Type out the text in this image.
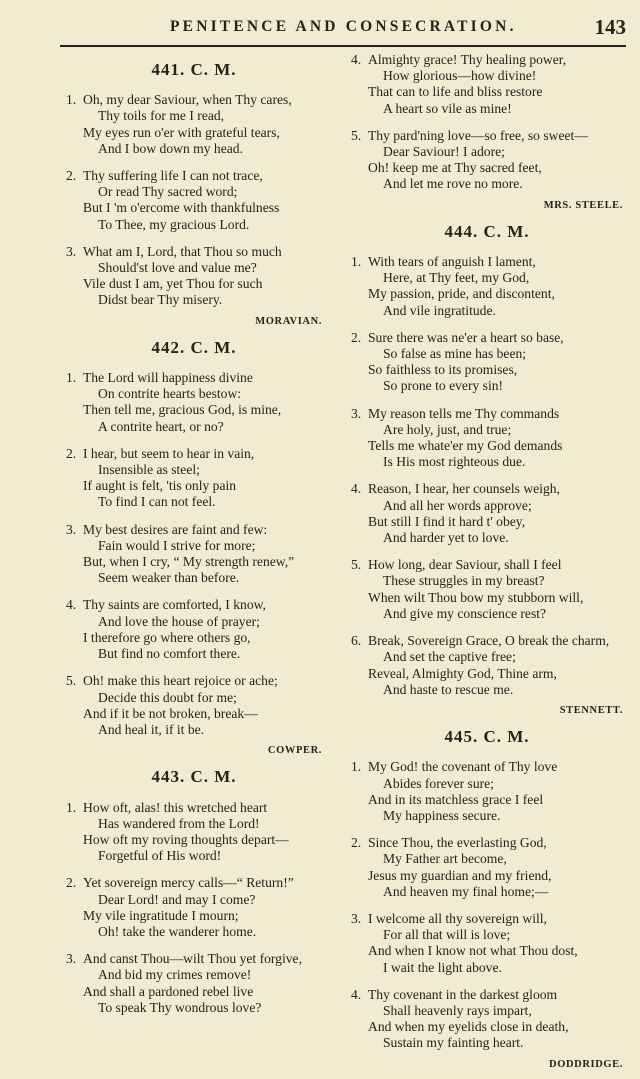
PENITENCE AND CONSECRATION.	143
441. C. M.
1. Oh, my dear Saviour, when Thy cares,
Thy toils for me I read,
My eyes run o'er with grateful tears,
And I bow down my head.
2. Thy suffering life I can not trace,
Or read Thy sacred word;
But I 'm o'ercome with thankfulness
To Thee, my gracious Lord.
3. What am I, Lord, that Thou so much
Should'st love and value me?
Vile dust I am, yet Thou for such
Didst bear Thy misery.
MORAVIAN.
442. C. M.
1. The Lord will happiness divine
On contrite hearts bestow:
Then tell me, gracious God, is mine,
A contrite heart, or no?
2. I hear, but seem to hear in vain,
Insensible as steel;
If aught is felt, 'tis only pain
To find I can not feel.
3. My best desires are faint and few:
Fain would I strive for more;
But, when I cry, “ My strength renew,”
Seem weaker than before.
4. Thy saints are comforted, I know,
And love the house of prayer;
I therefore go where others go,
But find no comfort there.
5. Oh! make this heart rejoice or ache;
Decide this doubt for me;
And if it be not broken, break—
And heal it, if it be.
COWPER.
443. C. M.
1. How oft, alas! this wretched heart
Has wandered from the Lord!
How oft my roving thoughts depart—
Forgetful of His word!
2. Yet sovereign mercy calls—“ Return!”
Dear Lord! and may I come?
My vile ingratitude I mourn;
Oh! take the wanderer home.
3. And canst Thou—wilt Thou yet forgive,
And bid my crimes remove!
And shall a pardoned rebel live
To speak Thy wondrous love?
4. Almighty grace! Thy healing power,
How glorious—how divine!
That can to life and bliss restore
A heart so vile as mine!
5. Thy pard'ning love—so free, so sweet—
Dear Saviour! I adore;
Oh! keep me at Thy sacred feet,
And let me rove no more.
MRS. STEELE.
444. C. M.
1. With tears of anguish I lament,
Here, at Thy feet, my God,
My passion, pride, and discontent,
And vile ingratitude.
2. Sure there was ne'er a heart so base,
So false as mine has been;
So faithless to its promises,
So prone to every sin!
3. My reason tells me Thy commands
Are holy, just, and true;
Tells me whate'er my God demands
Is His most righteous due.
4. Reason, I hear, her counsels weigh,
And all her words approve;
But still I find it hard t' obey,
And harder yet to love.
5. How long, dear Saviour, shall I feel
These struggles in my breast?
When wilt Thou bow my stubborn will,
And give my conscience rest?
6. Break, Sovereign Grace, O break the charm,
And set the captive free;
Reveal, Almighty God, Thine arm,
And haste to rescue me.
STENNETT.
445. C. M.
1. My God! the covenant of Thy love
Abides forever sure;
And in its matchless grace I feel
My happiness secure.
2. Since Thou, the everlasting God,
My Father art become,
Jesus my guardian and my friend,
And heaven my final home;—
3. I welcome all thy sovereign will,
For all that will is love;
And when I know not what Thou dost,
I wait the light above.
4. Thy covenant in the darkest gloom
Shall heavenly rays impart,
And when my eyelids close in death,
Sustain my fainting heart.
DODDRIDGE.
